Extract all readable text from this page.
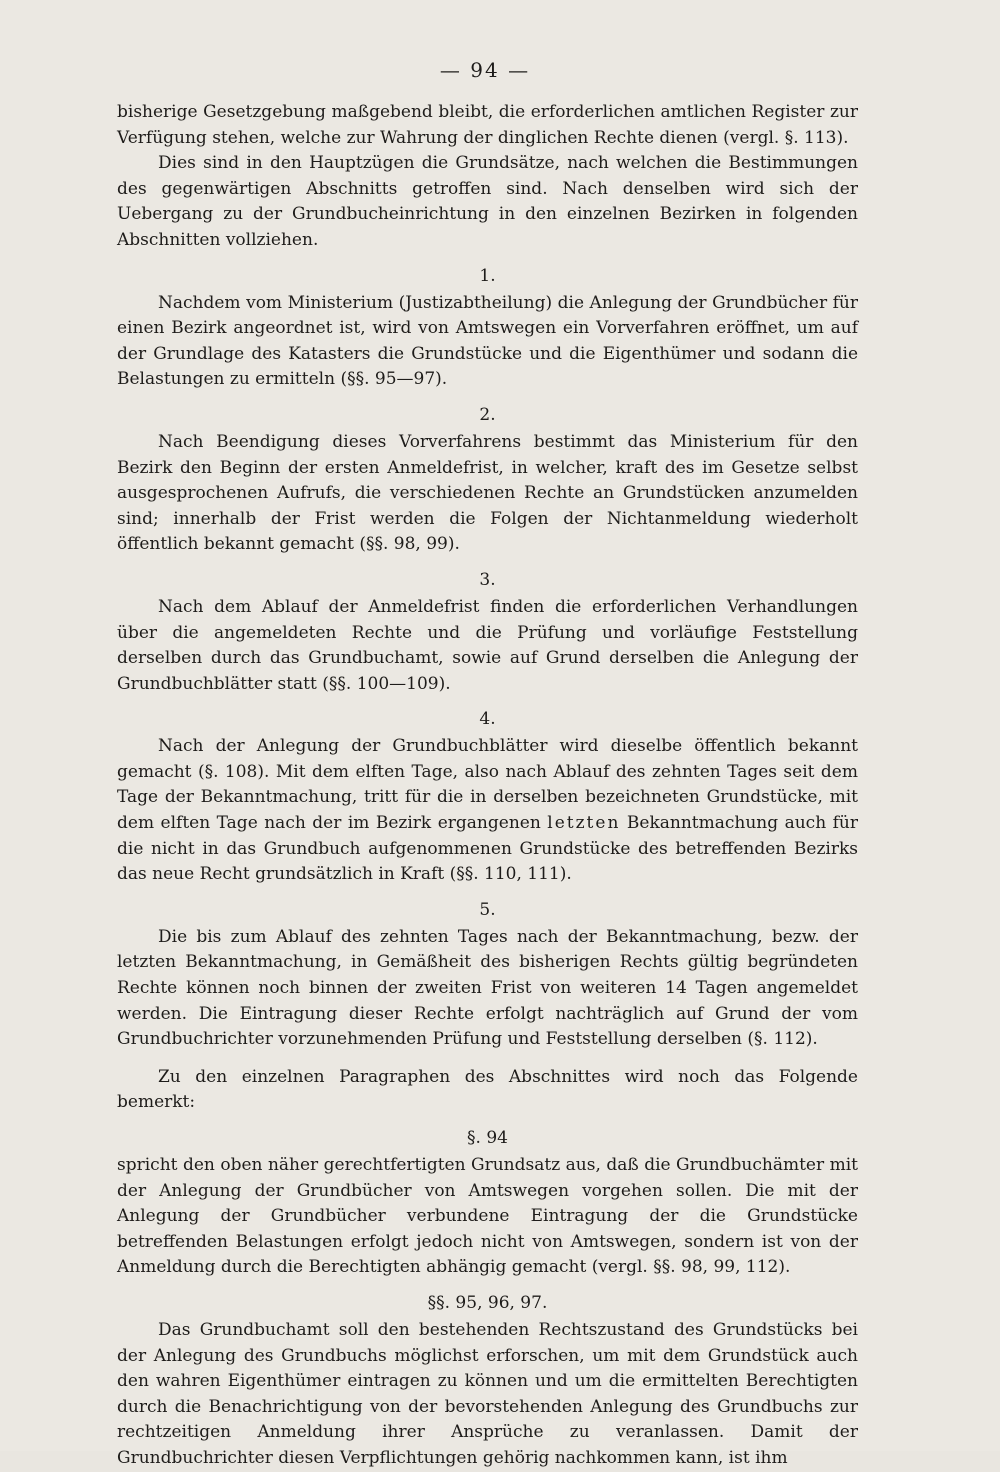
— 94 —

bisherige Gesetzgebung maßgebend bleibt, die erforderlichen amtlichen Register zur Verfügung stehen, welche zur Wahrung der dinglichen Rechte dienen (vergl. §. 113).

Dies sind in den Hauptzügen die Grundsätze, nach welchen die Bestimmungen des gegenwärtigen Abschnitts getroffen sind. Nach denselben wird sich der Uebergang zu der Grundbucheinrichtung in den einzelnen Bezirken in folgenden Abschnitten vollziehen.

1.

Nachdem vom Ministerium (Justizabtheilung) die Anlegung der Grundbücher für einen Bezirk angeordnet ist, wird von Amtswegen ein Vorverfahren eröffnet, um auf der Grundlage des Katasters die Grundstücke und die Eigenthümer und sodann die Belastungen zu ermitteln (§§. 95—97).

2.

Nach Beendigung dieses Vorverfahrens bestimmt das Ministerium für den Bezirk den Beginn der ersten Anmeldefrist, in welcher, kraft des im Gesetze selbst ausgesprochenen Aufrufs, die verschiedenen Rechte an Grundstücken anzumelden sind; innerhalb der Frist werden die Folgen der Nichtanmeldung wiederholt öffentlich bekannt gemacht (§§. 98, 99).

3.

Nach dem Ablauf der Anmeldefrist finden die erforderlichen Verhandlungen über die angemeldeten Rechte und die Prüfung und vorläufige Feststellung derselben durch das Grundbuchamt, sowie auf Grund derselben die Anlegung der Grundbuchblätter statt (§§. 100—109).

4.

Nach der Anlegung der Grundbuchblätter wird dieselbe öffentlich bekannt gemacht (§. 108). Mit dem elften Tage, also nach Ablauf des zehnten Tages seit dem Tage der Bekanntmachung, tritt für die in derselben bezeichneten Grundstücke, mit dem elften Tage nach der im Bezirk ergangenen letzten Bekanntmachung auch für die nicht in das Grundbuch aufgenommenen Grundstücke des betreffenden Bezirks das neue Recht grundsätzlich in Kraft (§§. 110, 111).

5.

Die bis zum Ablauf des zehnten Tages nach der Bekanntmachung, bezw. der letzten Bekanntmachung, in Gemäßheit des bisherigen Rechts gültig begründeten Rechte können noch binnen der zweiten Frist von weiteren 14 Tagen angemeldet werden. Die Eintragung dieser Rechte erfolgt nachträglich auf Grund der vom Grundbuchrichter vorzunehmenden Prüfung und Feststellung derselben (§. 112).

Zu den einzelnen Paragraphen des Abschnittes wird noch das Folgende bemerkt:

§. 94

spricht den oben näher gerechtfertigten Grundsatz aus, daß die Grundbuchämter mit der Anlegung der Grundbücher von Amtswegen vorgehen sollen. Die mit der Anlegung der Grundbücher verbundene Eintragung der die Grundstücke betreffenden Belastungen erfolgt jedoch nicht von Amtswegen, sondern ist von der Anmeldung durch die Berechtigten abhängig gemacht (vergl. §§. 98, 99, 112).

§§. 95, 96, 97.

Das Grundbuchamt soll den bestehenden Rechtszustand des Grundstücks bei der Anlegung des Grundbuchs möglichst erforschen, um mit dem Grundstück auch den wahren Eigenthümer eintragen zu können und um die ermittelten Berechtigten durch die Benachrichtigung von der bevorstehenden Anlegung des Grundbuchs zur rechtzeitigen Anmeldung ihrer Ansprüche zu veranlassen. Damit der Grundbuchrichter diesen Verpflichtungen gehörig nachkommen kann, ist ihm
